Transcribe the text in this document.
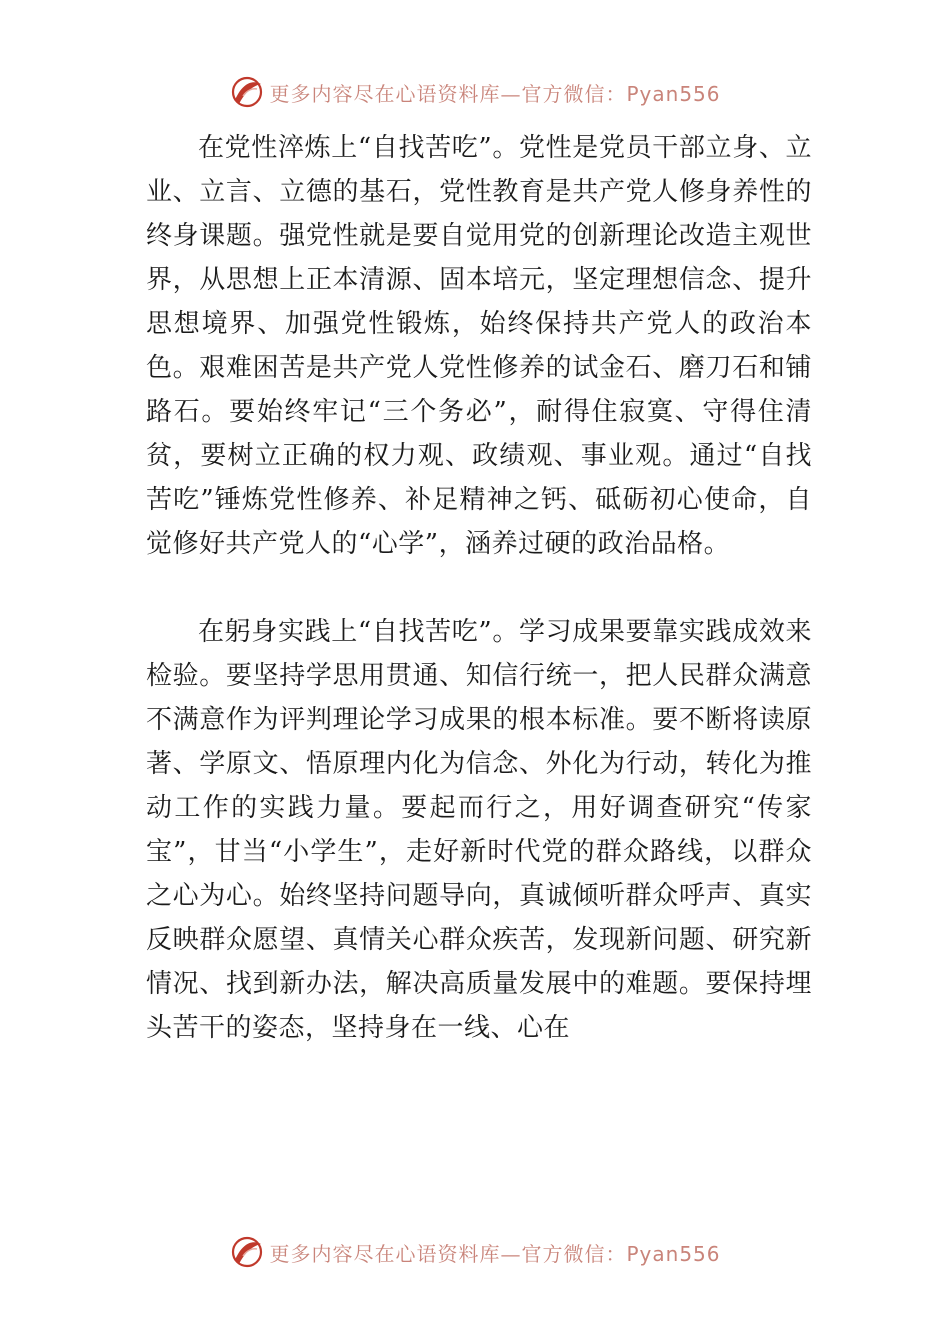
更多内容尽在心语资料库—官方微信：Pyan556

在党性淬炼上“自找苦吃”。党性是党员干部立身、立业、立言、立德的基石，党性教育是共产党人修身养性的终身课题。强党性就是要自觉用党的创新理论改造主观世界，从思想上正本清源、固本培元，坚定理想信念、提升思想境界、加强党性锻炼，始终保持共产党人的政治本色。艰难困苦是共产党人党性修养的试金石、磨刀石和铺路石。要始终牢记“三个务必”，耐得住寂寞、守得住清贫，要树立正确的权力观、政绩观、事业观。通过“自找苦吃”锤炼党性修养、补足精神之钙、砥砺初心使命，自觉修好共产党人的“心学”，涵养过硬的政治品格。

在躬身实践上“自找苦吃”。学习成果要靠实践成效来检验。要坚持学思用贯通、知信行统一，把人民群众满意不满意作为评判理论学习成果的根本标准。要不断将读原著、学原文、悟原理内化为信念、外化为行动，转化为推动工作的实践力量。要起而行之，用好调查研究“传家宝”，甘当“小学生”，走好新时代党的群众路线，以群众之心为心。始终坚持问题导向，真诚倾听群众呼声、真实反映群众愿望、真情关心群众疾苦，发现新问题、研究新情况、找到新办法，解决高质量发展中的难题。要保持埋头苦干的姿态，坚持身在一线、心在

更多内容尽在心语资料库—官方微信：Pyan556
